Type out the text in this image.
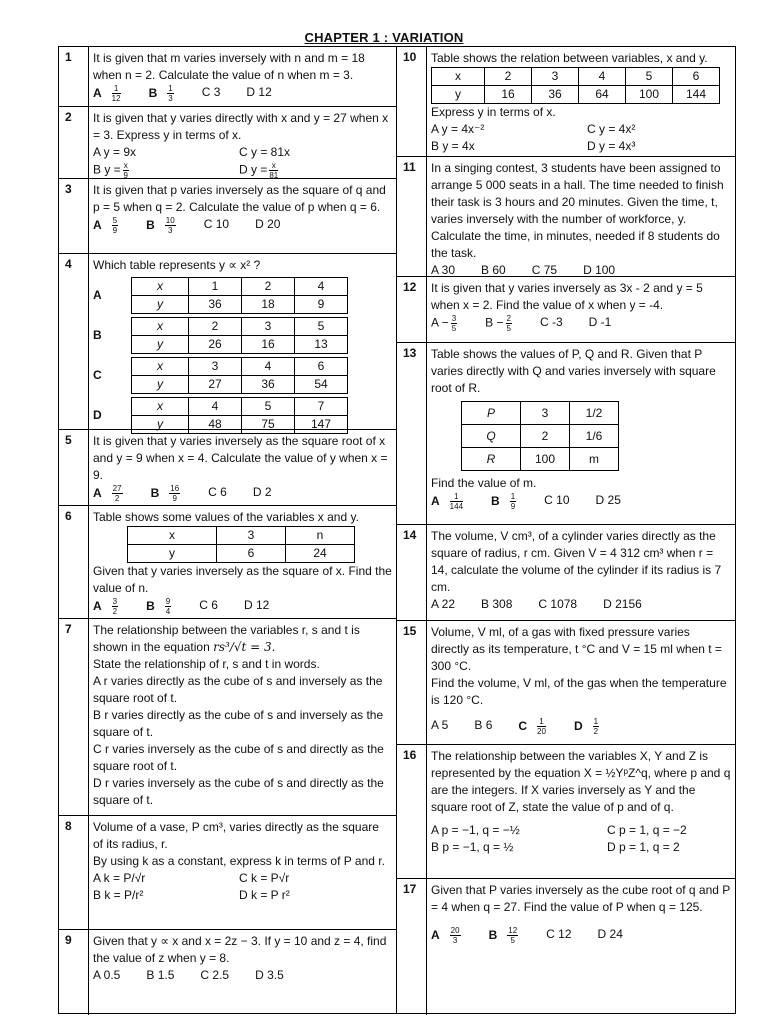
CHAPTER 1 : VARIATION
1	It is given that m varies inversely with n and m = 18 when n = 2. Calculate the value of n when m = 3.

A $\frac{1}{12}$ B $\frac{1}{3}$ C 3 D 12
2	It is given that y varies directly with x and y = 27 when x = 3. Express y in terms of x.

A y = 9x	C y = 81x
B $y = \frac{x}{9}$	D $y = \frac{x}{81}$
3	It is given that p varies inversely as the square of q and p = 5 when q = 2. Calculate the value of p when q = 6.

A $\frac{5}{9}$ B $\frac{10}{3}$ C 10 D 20
4	Which table represents y ∝ x² ?

A
x	1	2	4
y	36	18	9
B
x	2	3	5
y	26	16	13
C
x	3	4	6
y	27	36	54
D
x	4	5	7
y	48	75	147
5	It is given that y varies inversely as the square root of x and y = 9 when x = 4. Calculate the value of y when x = 9.

A $\frac{27}{2}$ B $\frac{16}{9}$ C 6 D 2
6	Table shows some values of the variables x and y.

x	3	n
y	6	24

Given that y varies inversely as the square of x. Find the value of n.

A $\frac{3}{2}$ B $\frac{9}{4}$ C 6 D 12
7	The relationship between the variables r, s and t is shown in the equation rs³/√t = 3.

State the relationship of r, s and t in words.

A r varies directly as the cube of s and inversely as the square root of t.

B r varies directly as the cube of s and inversely as the square of t.

C r varies inversely as the cube of s and directly as the square root of t.

D r varies inversely as the cube of s and directly as the square of t.

8	Volume of a vase, P cm³, varies directly as the square of its radius, r.

By using k as a constant, express k in terms of P and r.

A k = P/√r	C k = P√r
B k = P/r²	D k = P r²
9	Given that y ∝ x and x = 2z − 3. If y = 10 and z = 4, find the value of z when y = 8.

A 0.5 B 1.5 C 2.5 D 3.5
10	Table shows the relation between variables, x and y.

x	2	3	4	5	6
y	16	36	64	100	144

Express y in terms of x.

A y = 4x⁻²	C y = 4x²
B y = 4x	D y = 4x³
11	In a singing contest, 3 students have been assigned to arrange 5 000 seats in a hall. The time needed to finish their task is 3 hours and 20 minutes. Given the time, t, varies inversely with the number of workforce, y. Calculate the time, in minutes, needed if 8 students do the task.

A 30 B 60 C 75 D 100
12	It is given that y varies inversely as 3x - 2 and y = 5 when x = 2. Find the value of x when y = -4.

$A - \frac{3}{5}$ $B - \frac{2}{5}$ C -3 D -1
13	Table shows the values of P, Q and R. Given that P varies directly with Q and varies inversely with square root of R.

P	3	1/2
Q	2	1/6
R	100	m

Find the value of m.

A $\frac{1}{144}$ B $\frac{1}{9}$ C 10 D 25
14	The volume, V cm³, of a cylinder varies directly as the square of radius, r cm. Given V = 4 312 cm³ when r = 14, calculate the volume of the cylinder if its radius is 7 cm.

A 22 B 308 C 1078 D 2156
15	Volume, V ml, of a gas with fixed pressure varies directly as its temperature, t °C and V = 15 ml when t = 300 °C.

Find the volume, V ml, of the gas when the temperature is 120 °C.

A 5 B 6 C $\frac{1}{20}$ D $\frac{1}{2}$
16	The relationship between the variables X, Y and Z is represented by the equation X = ½YᵖZ^q, where p and q are the integers. If X varies inversely as Y and the square root of Z, state the value of p and of q.

A p = −1, q = −½	C p = 1, q = −2
B p = −1, q = ½	D p = 1, q = 2
17	Given that P varies inversely as the cube root of q and P = 4 when q = 27. Find the value of P when q = 125.

A $\frac{20}{3}$ B $\frac{12}{5}$ C 12 D 24
